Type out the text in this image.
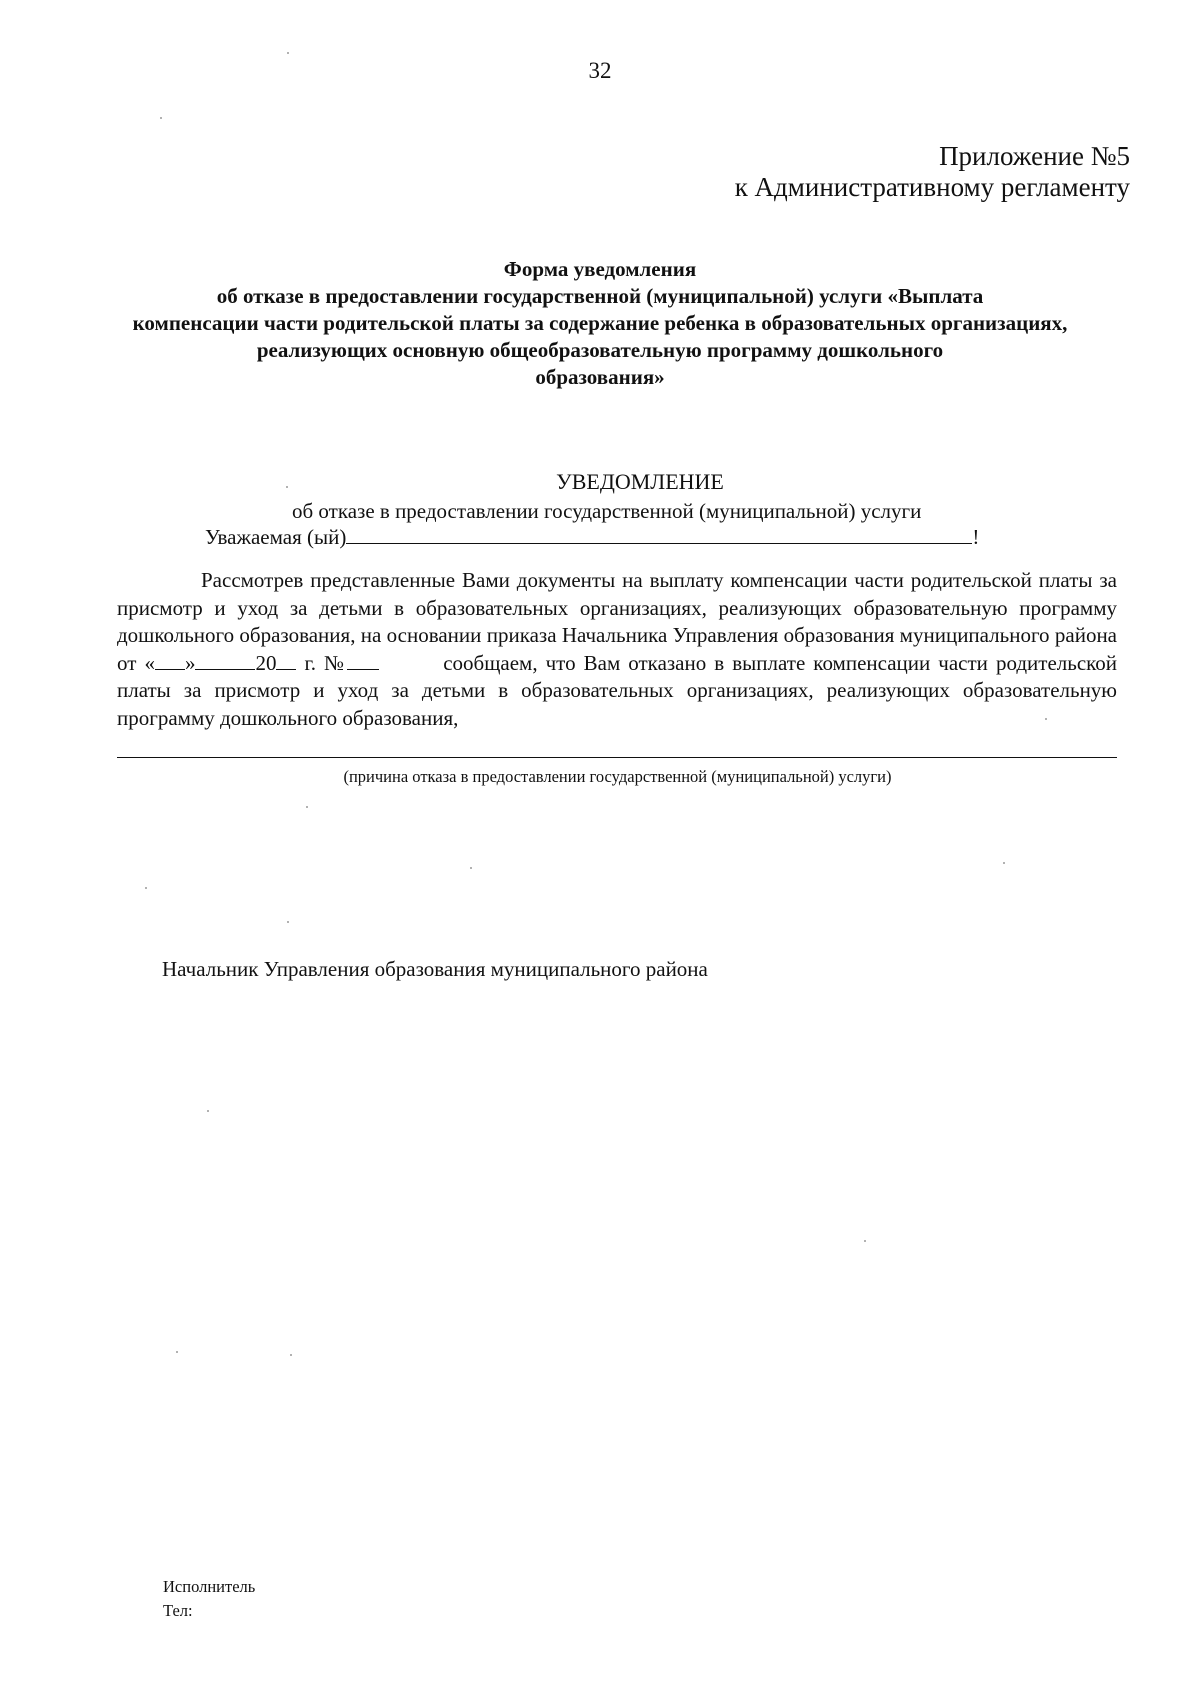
32
Приложение №5
к Административному регламенту
Форма уведомления
об отказе в предоставлении государственной (муниципальной) услуги «Выплата
компенсации части родительской платы за содержание ребенка в образовательных организациях,
реализующих основную общеобразовательную программу дошкольного
образования»
УВЕДОМЛЕНИЕ
об отказе в предоставлении государственной (муниципальной) услуги
Уважаемая (ый)	!

Рассмотрев представленные Вами документы на выплату компенсации части родительской платы за присмотр и уход за детьми в образовательных организациях, реализующих образовательную программу дошкольного образования, на основании приказа Начальника Управления образования муниципального района от « »	20 г. №	сообщаем, что Вам отказано в выплате компенсации части родительской платы за присмотр и уход за детьми в образовательных организациях, реализующих образовательную программу дошкольного образования,

(причина отказа в предоставлении государственной (муниципальной) услуги)
Начальник Управления образования муниципального района
Исполнитель
Тел:
